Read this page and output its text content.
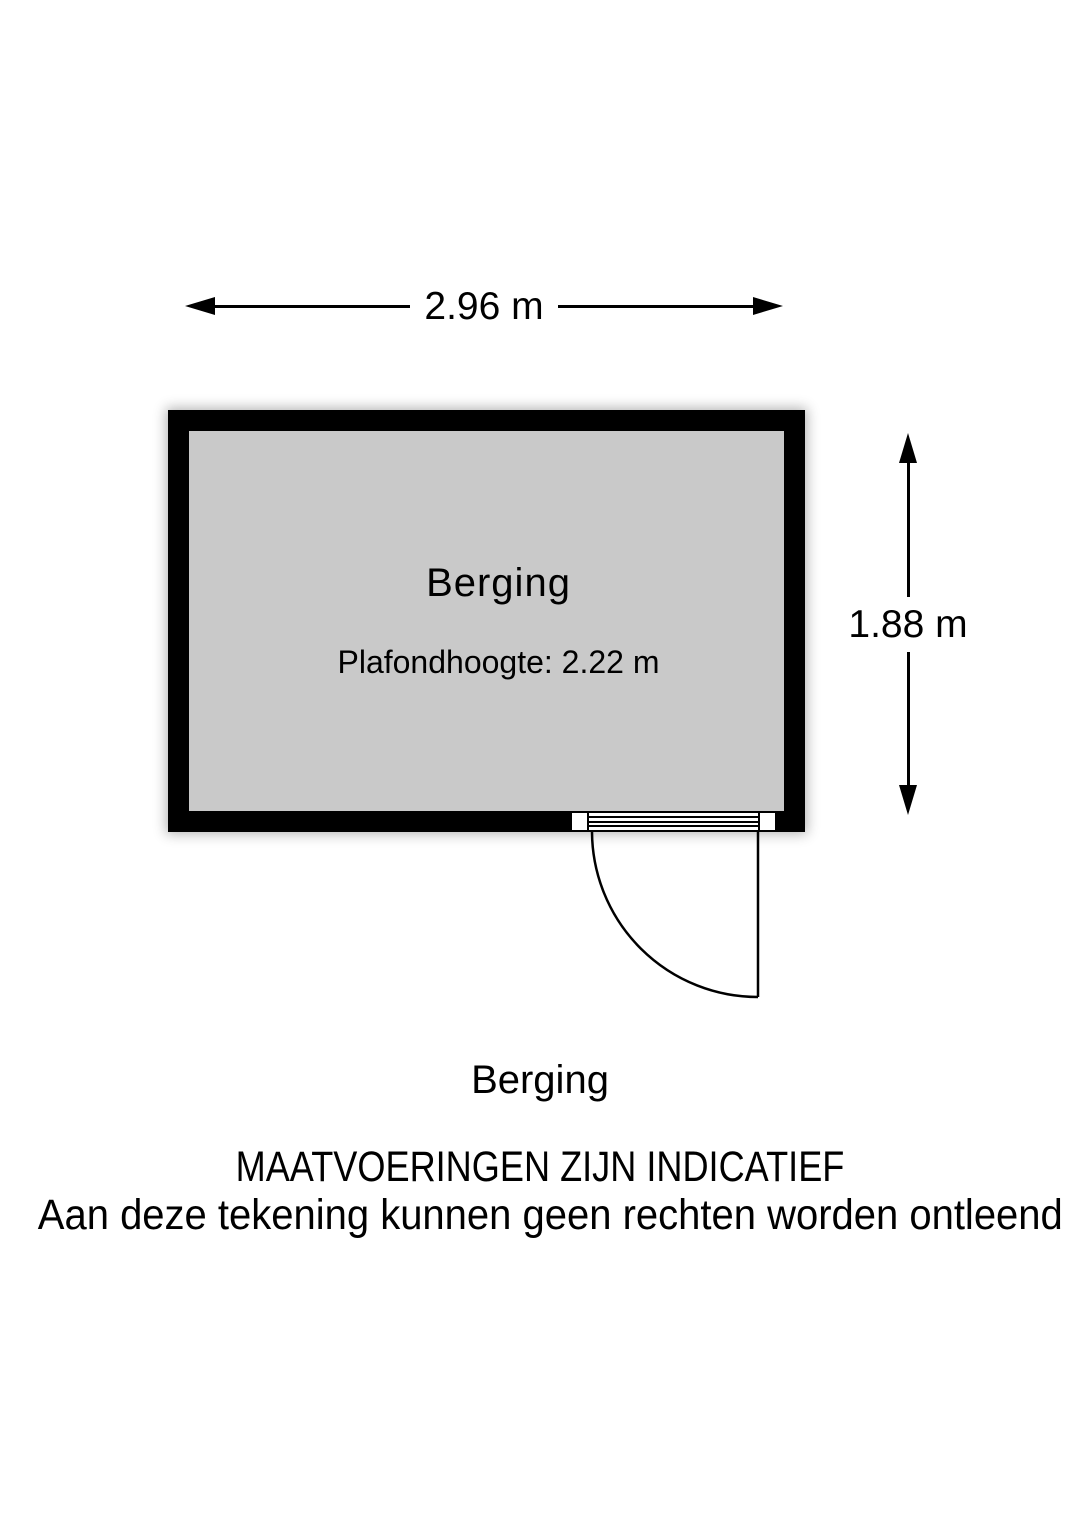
2.96 m
Berging
Plafondhoogte: 2.22 m
1.88 m
Berging
MAATVOERINGEN ZIJN INDICATIEF
Aan deze tekening kunnen geen rechten worden ontleend
